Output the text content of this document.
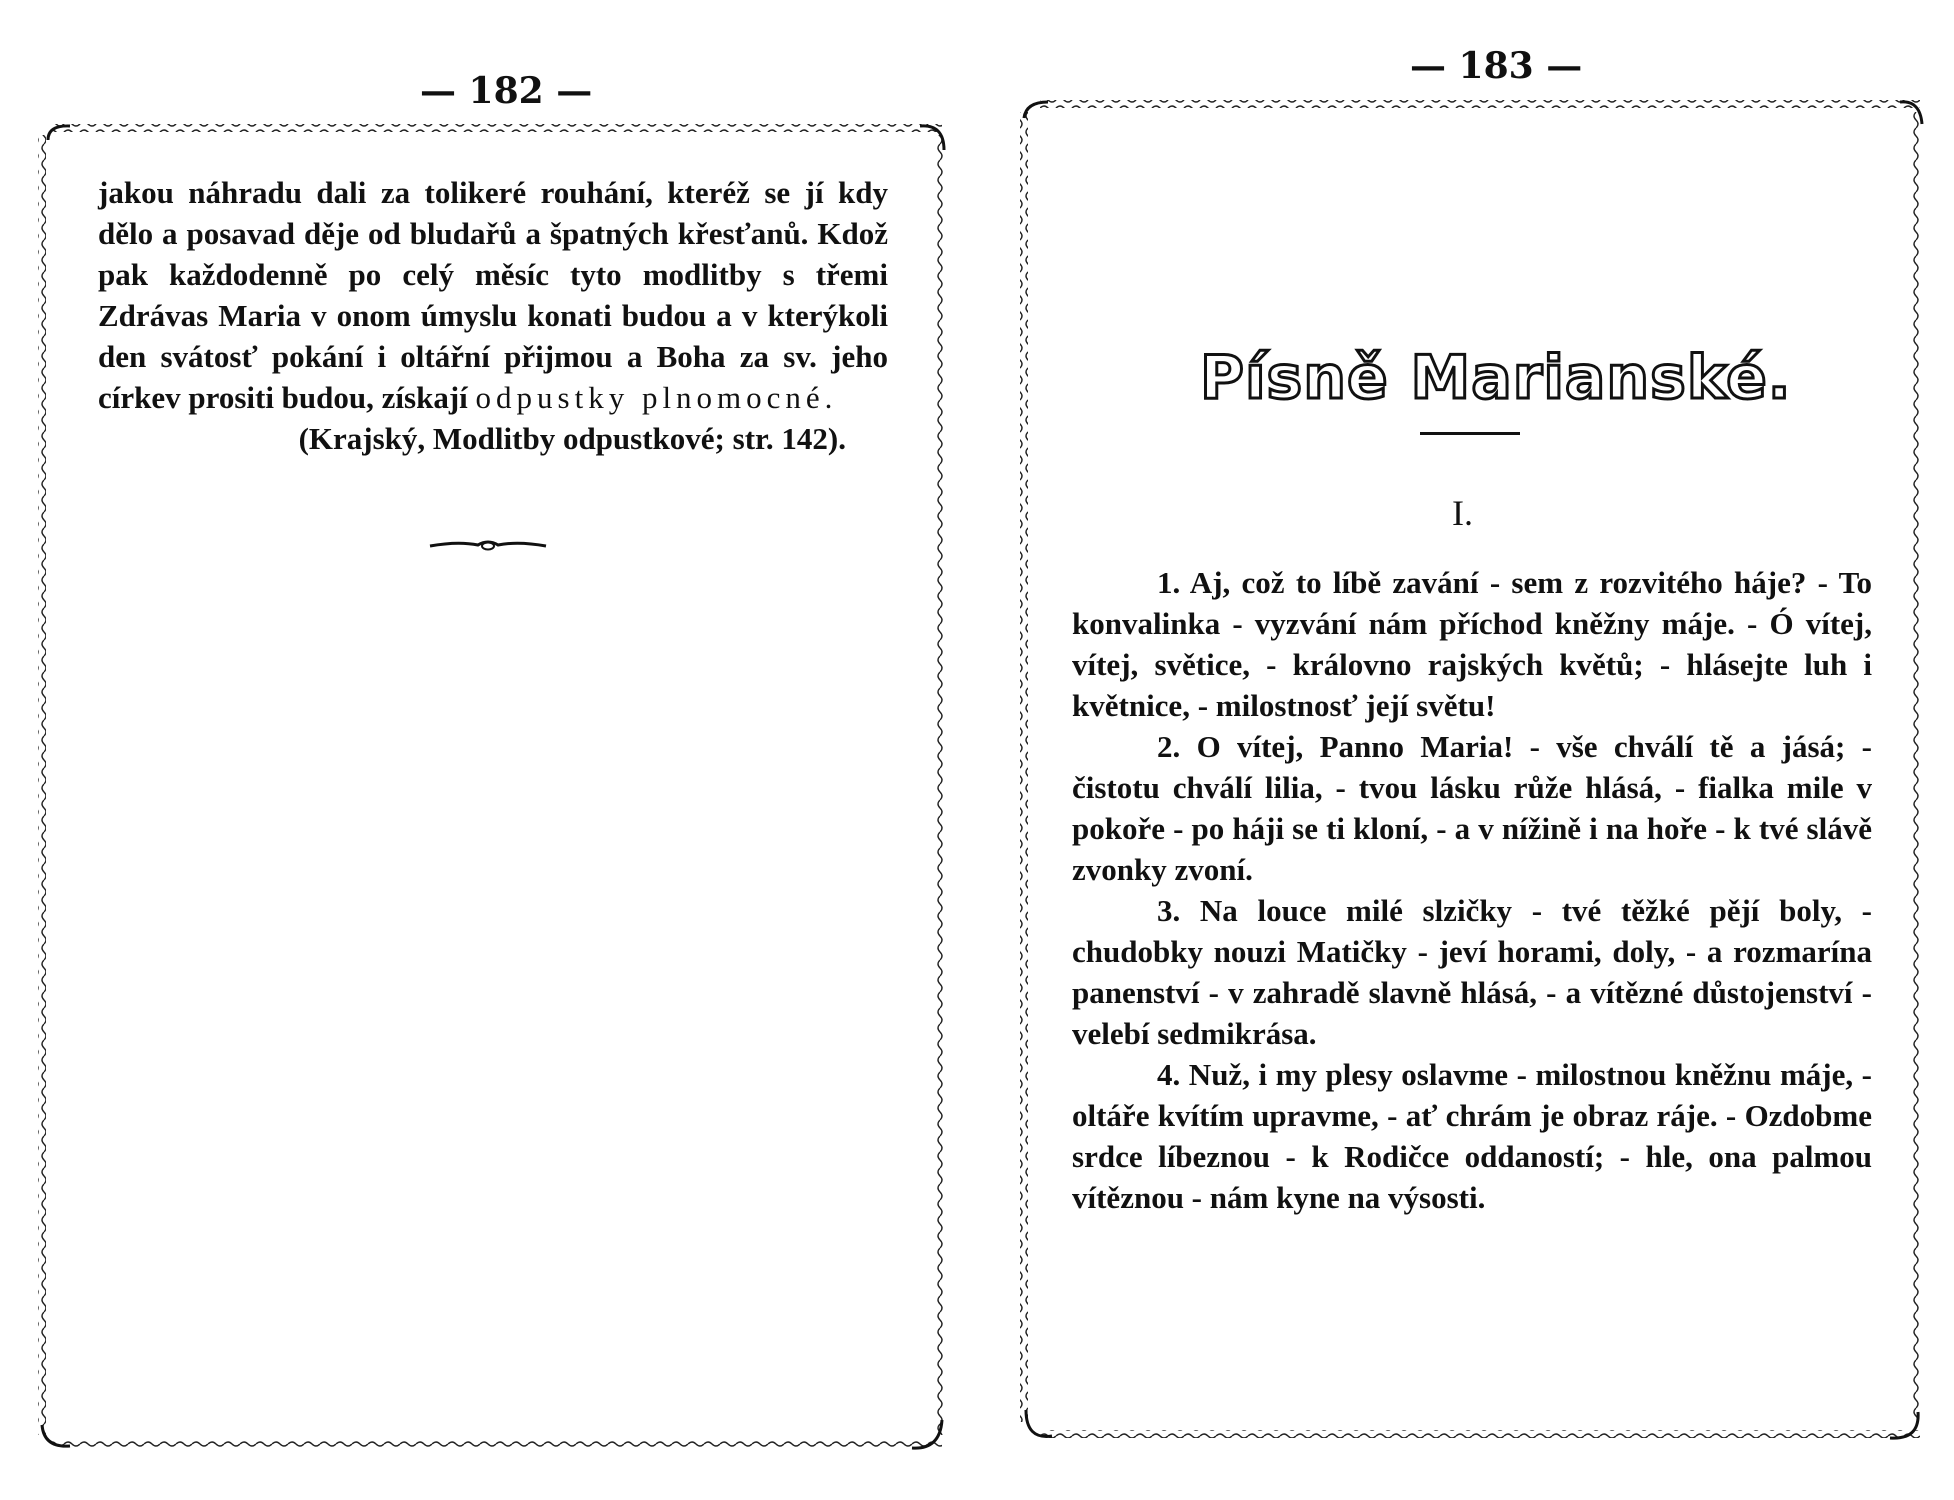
— 182 —

jakou náhradu dali za tolikeré rouhání, kteréž se jí kdy dělo a posavad děje od bludařů a špatných křesťanů. Kdož pak každodenně po celý měsíc tyto modlitby s třemi Zdrávas Maria v onom úmyslu konati budou a v kterýkoli den svátosť pokání i oltářní přijmou a Boha za sv. jeho církev prositi budou, získají odpustky plnomocné.
(Krajský, Modlitby odpustkové; str. 142).

— 183 —
Písně Marianské.
I.

1. Aj, což to líbě zavání - sem z rozvitého háje? - To konvalinka - vyzvání nám příchod kněžny máje. - Ó vítej, vítej, světice, - královno rajských květů; - hlásejte luh i květnice, - milostnosť její světu!

2. O vítej, Panno Maria! - vše chválí tě a jásá; - čistotu chválí lilia, - tvou lásku růže hlásá, - fialka mile v pokoře - po háji se ti kloní, - a v nížině i na hoře - k tvé slávě zvonky zvoní.

3. Na louce milé slzičky - tvé těžké pějí boly, - chudobky nouzi Matičky - jeví horami, doly, - a rozmarína panenství - v zahradě slavně hlásá, - a vítězné důstojenství - velebí sedmikrása.

4. Nuž, i my plesy oslavme - milostnou kněžnu máje, - oltáře kvítím upravme, - ať chrám je obraz ráje. - Ozdobme srdce líbeznou - k Rodičce oddaností; - hle, ona palmou vítěznou - nám kyne na výsosti.
